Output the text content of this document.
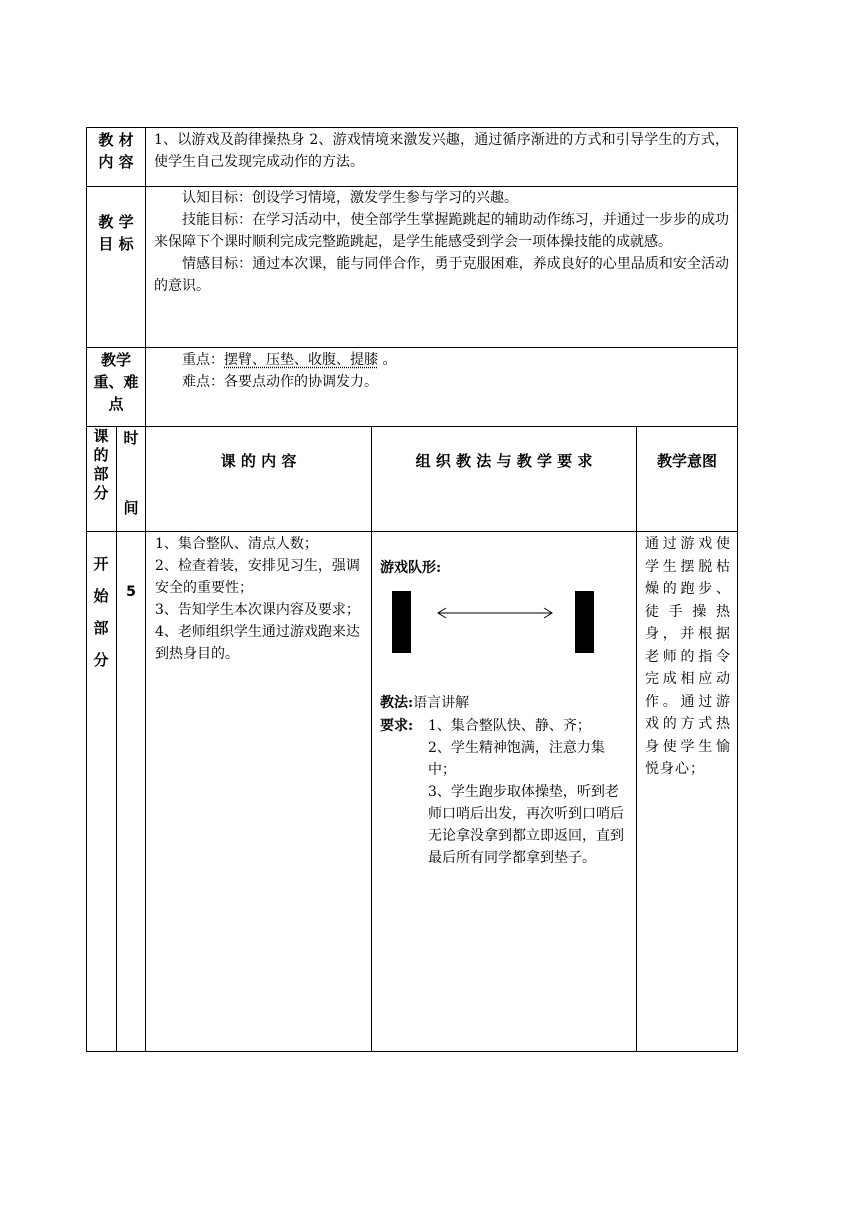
教 材
内 容
1、以游戏及韵律操热身 2、游戏情境来激发兴趣，通过循序渐进的方式和引导学生的方式，使学生自己发现完成动作的方法。
教 学
目 标

认知目标：创设学习情境，激发学生参与学习的兴趣。

技能目标：在学习活动中，使全部学生掌握跪跳起的辅助动作练习，并通过一步步的成功来保障下个课时顺利完成完整跪跳起，是学生能感受到学会一项体操技能的成就感。

情感目标：通过本次课，能与同伴合作，勇于克服困难，养成良好的心里品质和安全活动的意识。

教学
重、难
点

重点：摆臂、压垫、收腹、提膝 。

难点：各要点动作的协调发力。

课
的
部
分
时
间
课 的 内 容	组 织 教 法 与 教 学 要 求	教学意图
开
始
部
分
5

1、集合整队、清点人数；

2、检查着装，安排见习生，强调安全的重要性；

3、告知学生本次课内容及要求；

4、老师组织学生通过游戏跑来达到热身目的。

游戏队形:
教法:语言讲解
要求: 1、集合整队快、静、齐；

2、学生精神饱满，注意力集中；

3、学生跑步取体操垫，听到老师口哨后出发，再次听到口哨后无论拿没拿到都立即返回，直到最后所有同学都拿到垫子。

通过游戏使学生摆脱枯燥的跑步、徒手操热身，并根据老师的指令完成相应动作。通过游戏的方式热身使学生愉悦身心；
